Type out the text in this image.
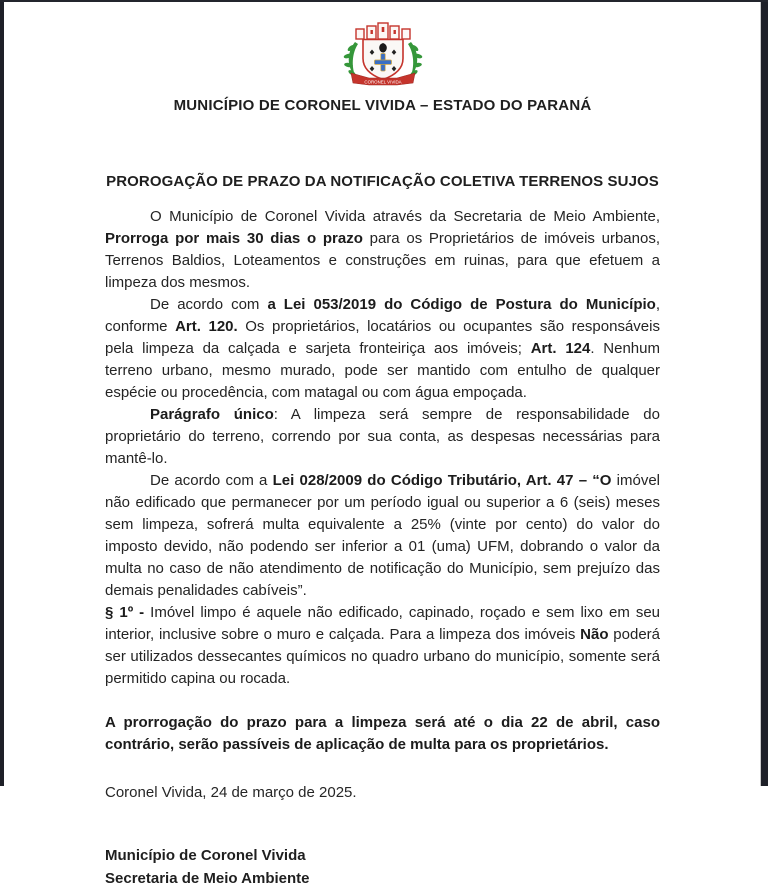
CORONEL VIVIDA
MUNICÍPIO DE CORONEL VIVIDA – ESTADO DO PARANÁ
PROROGAÇÃO DE PRAZO DA NOTIFICAÇÃO COLETIVA TERRENOS SUJOS

O Município de Coronel Vivida através da Secretaria de Meio Ambiente, Prorroga por mais 30 dias o prazo para os Proprietários de imóveis urbanos, Terrenos Baldios, Loteamentos e construções em ruinas, para que efetuem a limpeza dos mesmos.

De acordo com a Lei 053/2019 do Código de Postura do Município, conforme Art. 120. Os proprietários, locatários ou ocupantes são responsáveis pela limpeza da calçada e sarjeta fronteiriça aos imóveis; Art. 124. Nenhum terreno urbano, mesmo murado, pode ser mantido com entulho de qualquer espécie ou procedência, com matagal ou com água empoçada.

Parágrafo único: A limpeza será sempre de responsabilidade do proprietário do terreno, correndo por sua conta, as despesas necessárias para mantê-lo.

De acordo com a Lei 028/2009 do Código Tributário, Art. 47 – “O imóvel não edificado que permanecer por um período igual ou superior a 6 (seis) meses sem limpeza, sofrerá multa equivalente a 25% (vinte por cento) do valor do imposto devido, não podendo ser inferior a 01 (uma) UFM, dobrando o valor da multa no caso de não atendimento de notificação do Município, sem prejuízo das demais penalidades cabíveis”.

§ 1º - Imóvel limpo é aquele não edificado, capinado, roçado e sem lixo em seu interior, inclusive sobre o muro e calçada. Para a limpeza dos imóveis Não poderá ser utilizados dessecantes químicos no quadro urbano do município, somente será permitido capina ou rocada.

A prorrogação do prazo para a limpeza será até o dia 22 de abril, caso contrário, serão passíveis de aplicação de multa para os proprietários.

Coronel Vivida, 24 de março de 2025.

Município de Coronel Vivida
Secretaria de Meio Ambiente
